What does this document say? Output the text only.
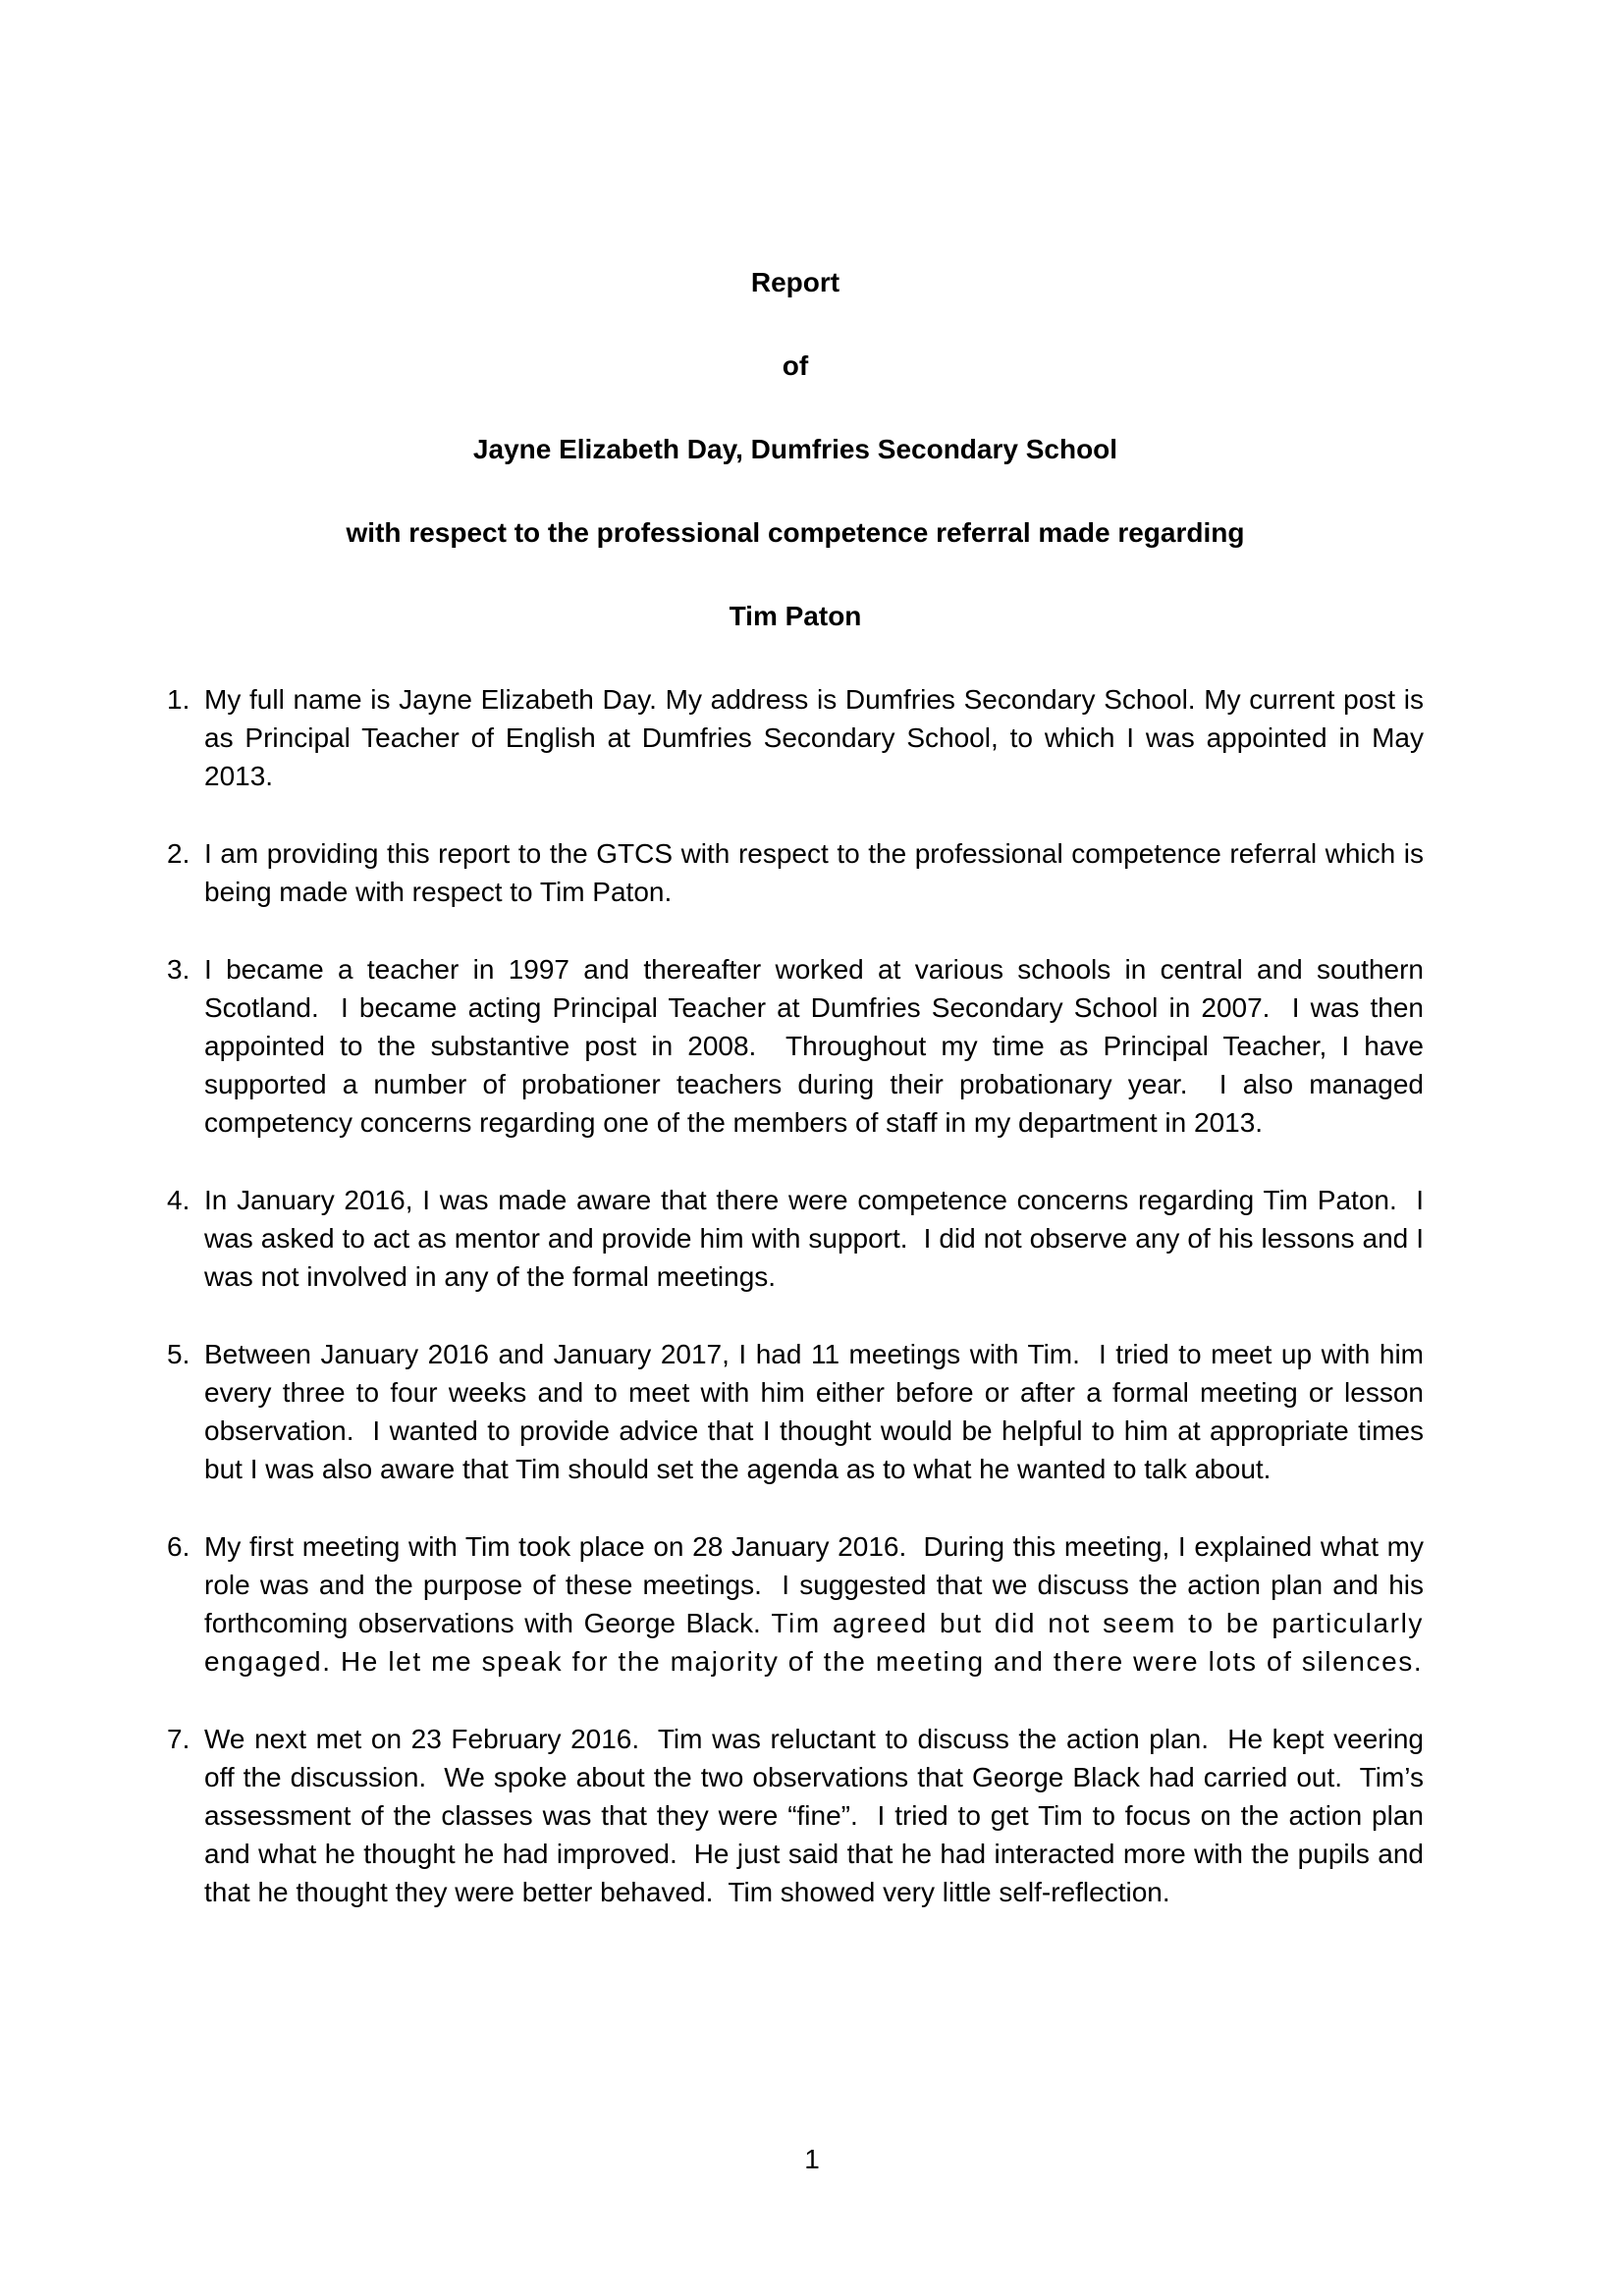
Report

of

Jayne Elizabeth Day, Dumfries Secondary School

with respect to the professional competence referral made regarding

Tim Paton

1. My full name is Jayne Elizabeth Day. My address is Dumfries Secondary School. My current post is as Principal Teacher of English at Dumfries Secondary School, to which I was appointed in May 2013.
2. I am providing this report to the GTCS with respect to the professional competence referral which is being made with respect to Tim Paton.
3. I became a teacher in 1997 and thereafter worked at various schools in central and southern Scotland.  I became acting Principal Teacher at Dumfries Secondary School in 2007.  I was then appointed to the substantive post in 2008.  Throughout my time as Principal Teacher, I have supported a number of probationer teachers during their probationary year.  I also managed competency concerns regarding one of the members of staff in my department in 2013.
4. In January 2016, I was made aware that there were competence concerns regarding Tim Paton.  I was asked to act as mentor and provide him with support.  I did not observe any of his lessons and I was not involved in any of the formal meetings.
5. Between January 2016 and January 2017, I had 11 meetings with Tim.  I tried to meet up with him every three to four weeks and to meet with him either before or after a formal meeting or lesson observation.  I wanted to provide advice that I thought would be helpful to him at appropriate times but I was also aware that Tim should set the agenda as to what he wanted to talk about.
6. My first meeting with Tim took place on 28 January 2016.  During this meeting, I explained what my role was and the purpose of these meetings.  I suggested that we discuss the action plan and his forthcoming observations with George Black. Tim agreed but did not seem to be particularly engaged. He let me speak for the majority of the meeting and there were lots of silences.
7. We next met on 23 February 2016.  Tim was reluctant to discuss the action plan.  He kept veering off the discussion.  We spoke about the two observations that George Black had carried out.  Tim’s assessment of the classes was that they were “fine”.  I tried to get Tim to focus on the action plan and what he thought he had improved.  He just said that he had interacted more with the pupils and that he thought they were better behaved.  Tim showed very little self-reflection.
1
